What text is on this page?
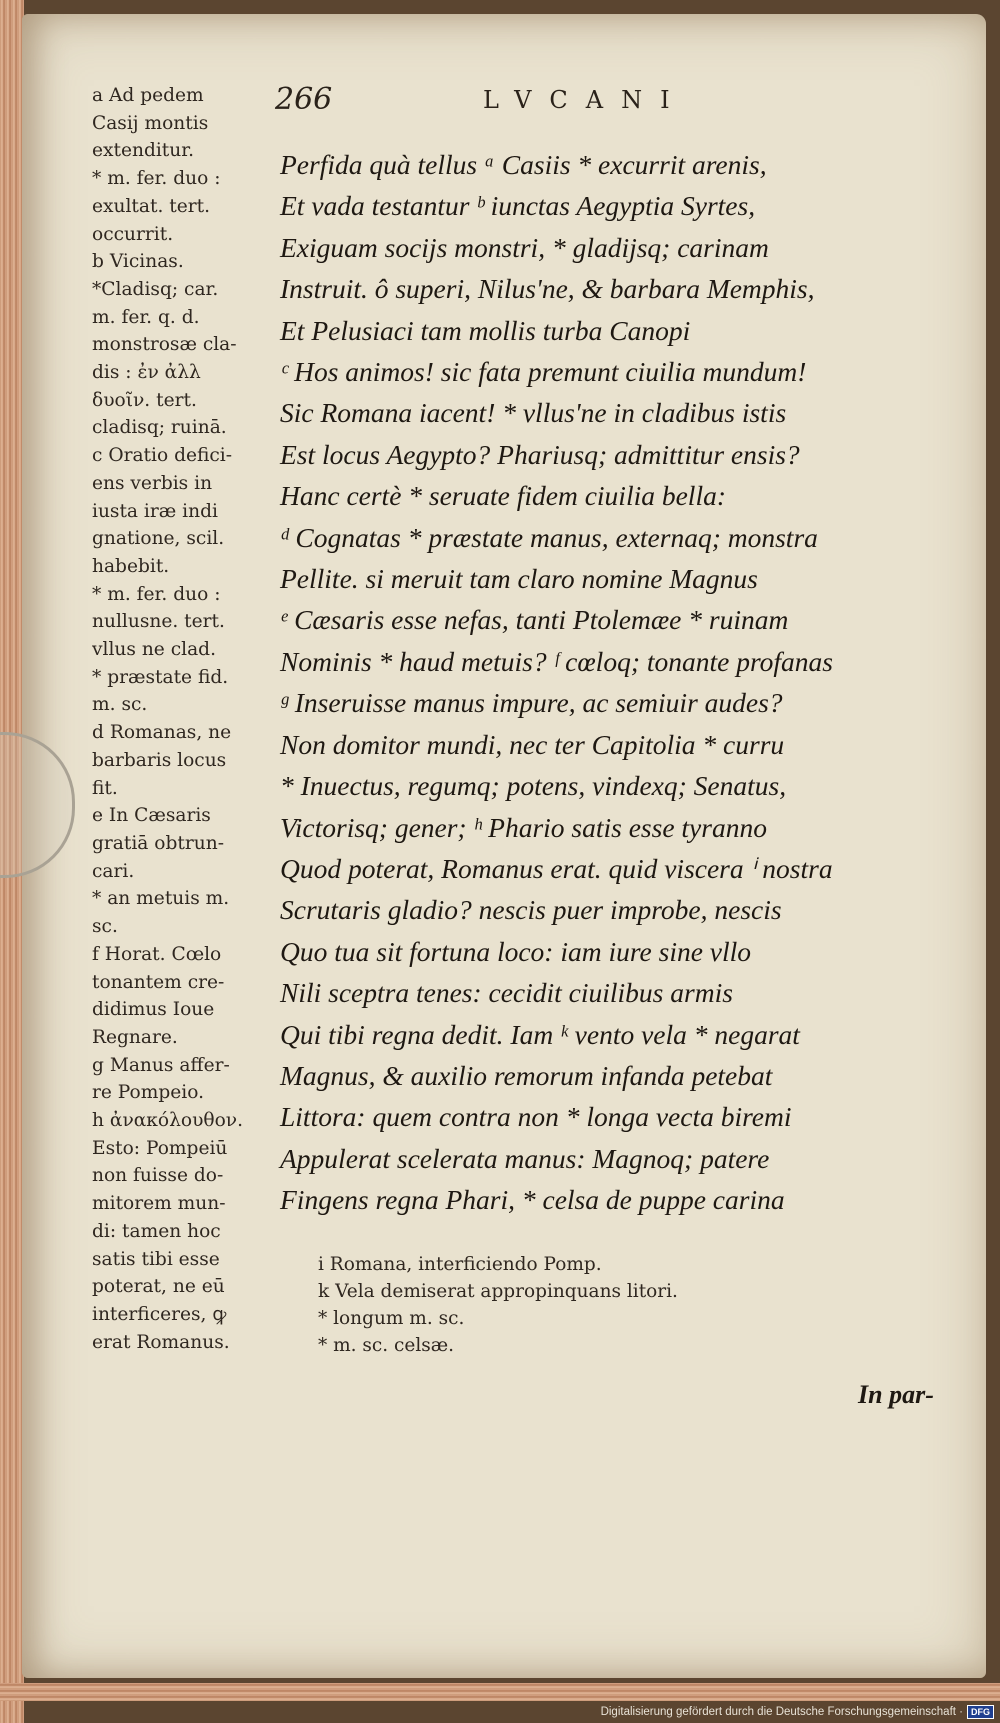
266	LVCANI
a Ad pedem
Casij montis
extenditur.
* m. fer. duo :
exultat. tert.
occurrit.
b Vicinas.
*Cladisq; car.
m. fer. q. d.
monstrosæ cla-
dis : ἐν ἀλλ
δυοῖν. tert.
cladisq; ruinā.
c Oratio defici-
ens verbis in
iusta iræ indi
gnatione, scil.
habebit.
* m. fer. duo :
nullusne. tert.
vllus ne clad.
* præstate fid.
m. sc.
d Romanas, ne
barbaris locus
fit.
e In Cæsaris
gratiā obtrun-
cari.
* an metuis m.
sc.
f Horat. Cœlo
tonantem cre-
didimus Ioue
Regnare.
g Manus affer-
re Pompeio.
h ἀνακόλουθον.
Esto: Pompeiū
non fuisse do-
mitorem mun-
di: tamen hoc
satis tibi esse
poterat, ne eū
interficeres, ꝙ
erat Romanus.
Perfida quà tellus ᵃ Casiis * excurrit arenis,
Et vada testantur ᵇ iunctas Aegyptia Syrtes,
Exiguam socijs monstri, * gladijsq; carinam
Instruit. ô superi, Nilus'ne, & barbara Memphis,
Et Pelusiaci tam mollis turba Canopi
ᶜ Hos animos! sic fata premunt ciuilia mundum!
Sic Romana iacent! * vllus'ne in cladibus istis
Est locus Aegypto? Phariusq; admittitur ensis?
Hanc certè * seruate fidem ciuilia bella:
ᵈ Cognatas * præstate manus, externaq; monstra
Pellite. si meruit tam claro nomine Magnus
ᵉ Cæsaris esse nefas, tanti Ptolemæe * ruinam
Nominis * haud metuis? ᶠ cœloq; tonante profanas
ᵍ Inseruisse manus impure, ac semiuir audes?
Non domitor mundi, nec ter Capitolia * curru
* Inuectus, regumq; potens, vindexq; Senatus,
Victorisq; gener; ʰ Phario satis esse tyranno
Quod poterat, Romanus erat. quid viscera ⁱ nostra
Scrutaris gladio? nescis puer improbe, nescis
Quo tua sit fortuna loco: iam iure sine vllo
Nili sceptra tenes: cecidit ciuilibus armis
Qui tibi regna dedit. Iam ᵏ vento vela * negarat
Magnus, & auxilio remorum infanda petebat
Littora: quem contra non * longa vecta biremi
Appulerat scelerata manus: Magnoq; patere
Fingens regna Phari, * celsa de puppe carina
i Romana, interficiendo Pomp.
k Vela demiserat appropinquans litori.
* longum m. sc.
* m. sc. celsæ.
In par-
Digitalisierung gefördert durch die Deutsche Forschungsgemeinschaft · DFG
